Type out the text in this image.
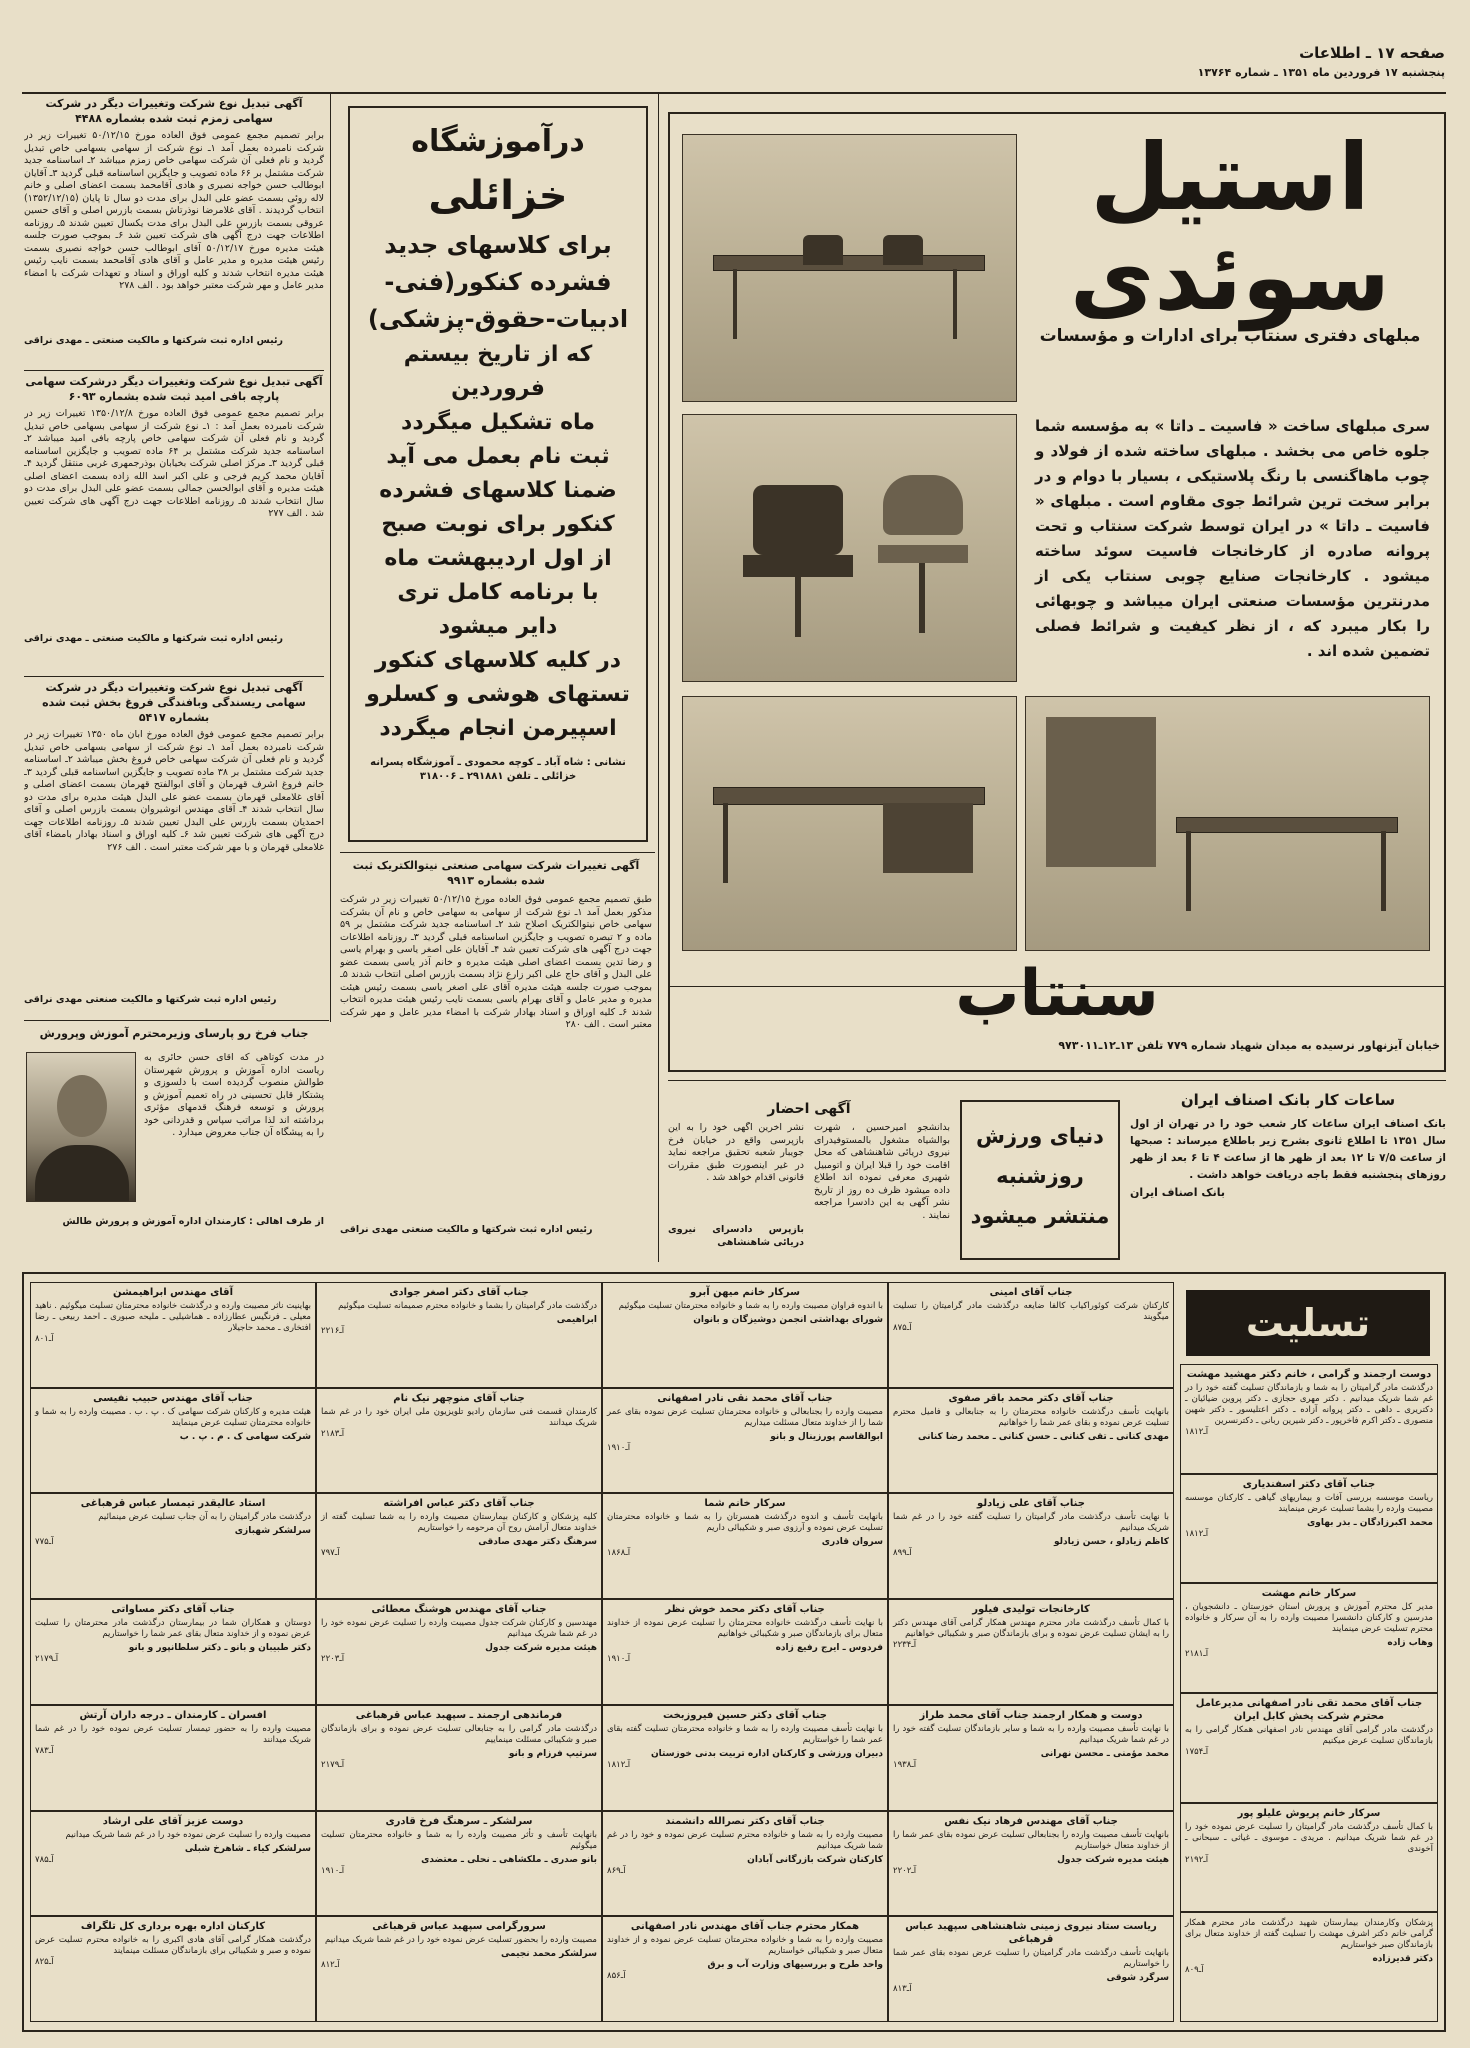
صفحه ۱۷ ـ اطلاعات
پنجشنبه ۱۷ فروردین ماه ۱۳۵۱ ـ شماره ۱۳۷۶۴
آگهی تبدیل نوع شرکت وتغییرات دیگر در شرکت سهامی زمزم ثبت شده بشماره ۴۴۸۸
برابر تصمیم مجمع عمومی فوق العاده مورخ ۵۰/۱۲/۱۵ تغییرات زیر در شرکت نامبرده بعمل آمد ۱ـ نوع شرکت از سهامی بسهامی خاص تبدیل گردید و نام فعلی آن شرکت سهامی خاص زمزم میباشد ۲ـ اساسنامه جدید شرکت مشتمل بر ۶۶ ماده تصویب و جایگزین اساسنامه قبلی گردید ۳ـ آقایان ابوطالب حسن خواجه نصیری و هادی آقامحمد بسمت اعضای اصلی و خانم لاله روئی بسمت عضو علی البدل برای مدت دو سال تا پایان (۱۳۵۲/۱۲/۱۵) انتخاب گردیدند . آقای غلامرضا نوذرتاش بسمت بازرس اصلی و آقای حسین عروقی بسمت بازرس علی البدل برای مدت یکسال تعیین شدند ۵ـ روزنامه اطلاعات جهت درج آگهی های شرکت تعیین شد ۶ـ بموجب صورت جلسه هیئت مدیره مورخ ۵۰/۱۲/۱۷ آقای ابوطالب حسن خواجه نصیری بسمت رئیس هیئت مدیره و مدیر عامل و آقای هادی آقامحمد بسمت نایب رئیس هیئت مدیره انتخاب شدند و کلیه اوراق و اسناد و تعهدات شرکت با امضاء مدیر عامل و مهر شرکت معتبر خواهد بود . الف ۲۷۸
رئیس اداره ثبت شرکتها و مالکیت صنعتی ـ مهدی نراقی
آگهی تبدیل نوع شرکت وتغییرات دیگر درشرکت سهامی پارچه بافی امید ثبت شده بشماره ۶۰۹۳
برابر تصمیم مجمع عمومی فوق العاده مورخ ۱۳۵۰/۱۲/۸ تغییرات زیر در شرکت نامبرده بعمل آمد : ۱ـ نوع شرکت از سهامی بسهامی خاص تبدیل گردید و نام فعلی آن شرکت سهامی خاص پارچه بافی امید میباشد ۲ـ اساسنامه جدید شرکت مشتمل بر ۶۴ ماده تصویب و جایگزین اساسنامه قبلی گردید ۳ـ مرکز اصلی شرکت بخیابان بوذرجمهری غربی منتقل گردید ۴ـ آقایان محمد کریم فرجی و علی اکبر اسد الله زاده بسمت اعضای اصلی هیئت مدیره و آقای ابوالحسن جمالی بسمت عضو علی البدل برای مدت دو سال انتخاب شدند ۵ـ روزنامه اطلاعات جهت درج آگهی های شرکت تعیین شد . الف ۲۷۷
رئیس اداره ثبت شرکتها و مالکیت صنعتی ـ مهدی نراقی
آگهی تبدیل نوع شرکت وتغییرات دیگر در شرکت سهامی ریسندگی وبافندگی فروغ بخش ثبت شده بشماره ۵۴۱۷
برابر تصمیم مجمع عمومی فوق العاده مورخ آبان ماه ۱۳۵۰ تغییرات زیر در شرکت نامبرده بعمل آمد ۱ـ نوع شرکت از سهامی بسهامی خاص تبدیل گردید و نام فعلی آن شرکت سهامی خاص فروغ بخش میباشد ۲ـ اساسنامه جدید شرکت مشتمل بر ۳۸ ماده تصویب و جایگزین اساسنامه قبلی گردید ۳ـ خانم فروغ اشرف قهرمان و آقای ابوالفتح قهرمان بسمت اعضای اصلی و آقای غلامعلی قهرمان بسمت عضو علی البدل هیئت مدیره برای مدت دو سال انتخاب شدند ۴ـ آقای مهندس انوشیروان بسمت بازرس اصلی و آقای احمدیان بسمت بازرس علی البدل تعیین شدند ۵ـ روزنامه اطلاعات جهت درج آگهی های شرکت تعیین شد ۶ـ کلیه اوراق و اسناد بهادار بامضاء آقای غلامعلی قهرمان و با مهر شرکت معتبر است . الف ۲۷۶
رئیس اداره ثبت شرکتها و مالکیت صنعتی مهدی نراقی
جناب فرخ رو پارسای وزیرمحترم آموزش وپرورش
در مدت کوتاهی که آقای حسن حائری به ریاست اداره آموزش و پرورش شهرستان طوالش منصوب گردیده است با دلسوزی و پشتکار قابل تحسینی در راه تعمیم آموزش و پرورش و توسعه فرهنگ قدمهای مؤثری برداشته اند لذا مراتب سپاس و قدردانی خود را به پیشگاه آن جناب معروض میدارد .
از طرف اهالی : کارمندان اداره آموزش و پرورش طالش
درآموزشگاه
خزائلی
برای کلاسهای جدید
فشرده کنکور(فنی-
ادبیات-حقوق-پزشکی)
که از تاریخ بیستم فروردین
ماه تشکیل میگردد
ثبت نام بعمل می آید
ضمنا کلاسهای فشرده
کنکور برای نوبت صبح
از اول اردیبهشت ماه
با برنامه کامل تری
دایر میشود
در کلیه کلاسهای کنکور
تستهای هوشی و کسلرو
اسپیرمن انجام میگردد
نشانی : شاه آباد ـ کوچه محمودی ـ آموزشگاه پسرانه خزائلی ـ تلفن ۲۹۱۸۸۱ ـ ۳۱۸۰۰۶
آگهی تغییرات شرکت سهامی صنعتی نیتوالکتریک ثبت شده بشماره ۹۹۱۳
طبق تصمیم مجمع عمومی فوق العاده مورخ ۵۰/۱۲/۱۵ تغییرات زیر در شرکت مذکور بعمل آمد ۱ـ نوع شرکت از سهامی به سهامی خاص و نام آن بشرکت سهامی خاص نیتوالکتریک اصلاح شد ۲ـ اساسنامه جدید شرکت مشتمل بر ۵۹ ماده و ۲ تبصره تصویب و جایگزین اساسنامه قبلی گردید ۳ـ روزنامه اطلاعات جهت درج آگهی های شرکت تعیین شد ۴ـ آقایان علی اصغر یاسی و بهرام یاسی و رضا تدین بسمت اعضای اصلی هیئت مدیره و خانم آذر یاسی بسمت عضو علی البدل و آقای حاج علی اکبر زارع نژاد بسمت بازرس اصلی انتخاب شدند ۵ـ بموجب صورت جلسه هیئت مدیره آقای علی اصغر یاسی بسمت رئیس هیئت مدیره و مدیر عامل و آقای بهرام یاسی بسمت نایب رئیس هیئت مدیره انتخاب شدند ۶ـ کلیه اوراق و اسناد بهادار شرکت با امضاء مدیر عامل و مهر شرکت معتبر است . الف ۲۸۰
رئیس اداره ثبت شرکتها و مالکیت صنعتی مهدی نراقی
استیل
سوئدی
مبلهای دفتری سنتاب برای ادارات و مؤسسات
سری مبلهای ساخت « فاسیت ـ داتا » به مؤسسه شما جلوه خاص می بخشد . مبلهای ساخته شده از فولاد و چوب ماهاگنسی با رنگ پلاستیکی ، بسیار با دوام و در برابر سخت ترین شرائط جوی مقاوم است . مبلهای « فاسیت ـ داتا » در ایران توسط شرکت سنتاب و تحت پروانه صادره از کارخانجات فاسیت سوئد ساخته میشود . کارخانجات صنایع چوبی سنتاب یکی از مدرنترین مؤسسات صنعتی ایران میباشد و چوبهائی را بکار میبرد که ، از نظر کیفیت و شرائط فصلی تضمین شده اند .
سنتاب
خیابان آیزنهاور نرسیده به میدان شهیاد شماره ۷۷۹ تلفن ۱۳ـ۱۲ـ۹۷۳۰۱۱
ساعات کار بانک اصناف ایران
بانک اصناف ایران ساعات کار شعب خود را در تهران از اول سال ۱۳۵۱ تا اطلاع ثانوی بشرح زیر باطلاع میرساند : صبحها از ساعت ۷/۵ تا ۱۲ بعد از ظهر ها از ساعت ۴ تا ۶ بعد از ظهر روزهای پنجشنبه فقط باجه دریافت خواهد داشت .
بانک اصناف ایران
دنیای ورزش
روزشنبه
منتشر میشود
آگهی احضار
بدانشجو امیرحسین ، شهرت بوالشیاه مشغول بالمستوفیدرای نیروی دریائی شاهنشاهی که محل اقامت خود را قبلا ایران و اتومبیل شهیری معرفی نموده اند اطلاع داده میشود ظرف ده روز از تاریخ نشر آگهی به این دادسرا مراجعه نمایند .
نشر آخرین آگهی خود را به این بازپرسی واقع در خیابان فرخ جویبار شعبه تحقیق مراجعه نماید در غیر اینصورت طبق مقررات قانونی اقدام خواهد شد .
بازپرس دادسرای نیروی دریائی شاهنشاهی
تسلیت
دوست ارجمند و گرامی ، خانم دکتر مهشید مهشت
درگذشت مادر گرامیتان را به شما و بازماندگان تسلیت گفته خود را در غم شما شریک میدانیم . دکتر مهری حجازی ـ دکتر پروین ضیائیان ـ دکتریری ـ داهی ـ دکتر پروانه آزاده ـ دکتر اعتلیسور ـ دکتر شهین منصوری ـ دکتر اکرم فاخرپور ـ دکتر شیرین ربانی ـ دکترنسرین
آـ۱۸۱۲
جناب آقای دکتر اسفندیاری
ریاست موسسه بررسی آفات و بیماریهای گیاهی ـ کارکنان موسسه مصیبت وارده را بشما تسلیت عرض مینمایند
محمد اکبرزادگان ـ بذر بهاوی
آـ۱۸۱۲
سرکار خانم مهشت
مدیر کل محترم آموزش و پرورش استان خوزستان ـ دانشجویان ، مدرسین و کارکنان دانشسرا مصیبت وارده را به آن سرکار و خانواده محترم تسلیت عرض مینمایند
وهاب زاده
آـ۲۱۸۱
جناب آقای محمد تقی نادر اصفهانی مدیرعامل محترم شرکت پخش کابل ایران
درگذشت مادر گرامی آقای مهندس نادر اصفهانی همکار گرامی را به بازماندگان تسلیت عرض میکنیم
آـ۱۷۵۴
سرکار خانم پریوش علیلو پور
با کمال تأسف درگذشت مادر گرامیتان را تسلیت عرض نموده خود را در غم شما شریک میدانیم . مریدی ـ موسوی ـ غیاثی ـ سبحانی ـ آخوندی
آـ۲۱۹۲
پزشکان وکارمندان بیمارستان شهید درگذشت مادر محترم همکار گرامی خانم دکتر اشرف مهشت را تسلیت گفته از خداوند متعال برای بازماندگان صبر خواستاریم
دکتر قدیرزاده
آـ۸۰۹
جناب آقای امینی
کارکنان شرکت کوئوراکیاب کالفا ضایعه درگذشت مادر گرامیتان را تسلیت میگویند
آـ۸۷۵
سرکار خانم میهن آبرو
با اندوه فراوان مصیبت وارده را به شما و خانواده محترمتان تسلیت میگوئیم
شورای بهداشتی انجمن دوشیزگان و بانوان
جناب آقای دکتر اصغر جوادی
درگذشت مادر گرامیتان را بشما و خانواده محترم صمیمانه تسلیت میگوئیم
ابراهیمی
آـ۲۲۱۶
آقای مهندس ابراهیمشن
بهاینیت ناثر مصیبت وارده و درگذشت خانواده محترمتان تسلیت میگوئیم . ناهید معیلی ـ فرنگیس عطارزاده ـ هماشیلیی ـ ملیحه صبوری ـ احمد ربیعی ـ رضا افتخاری ـ محمد حاجیلار
آـ۸۰۱
جناب آقای دکتر محمد باقر صفوی
بانهایت تأسف درگذشت خانواده محترمتان را به جنابعالی و فامیل محترم تسلیت عرض نموده و بقای عمر شما را خواهانیم
مهدی کنانی ـ تقی کنانی ـ حسن کنانی ـ محمد رضا کنانی
جناب آقای محمد نقی نادر اصفهانی
مصیبت وارده را بجنابعالی و خانواده محترمتان تسلیت عرض نموده بقای عمر شما را از خداوند متعال مسئلت میداریم
ابوالقاسم پورزینال و بانو
آـ۱۹۱۰
جناب آقای منوچهر نیک نام
کارمندان قسمت فنی سازمان رادیو تلویزیون ملی ایران خود را در غم شما شریک میدانند
آـ۲۱۸۳
جناب آقای مهندس حبیب نفیسی
هیئت مدیره و کارکنان شرکت سهامی ک . پ . ب . مصیبت وارده را به شما و خانواده محترمتان تسلیت عرض مینمایند
شرکت سهامی ک . م . پ . ب
جناب آقای علی زیادلو
با نهایت تأسف درگذشت مادر گرامیتان را تسلیت گفته خود را در غم شما شریک میدانیم
کاظم زیادلو ، حسن زیادلو
آـ۸۹۹
سرکار خانم شما
بانهایت تأسف و اندوه درگذشت همسرتان را به شما و خانواده محترمتان تسلیت عرض نموده و آرزوی صبر و شکیبائی داریم
سروان قادری
آـ۱۸۶۸
جناب آقای دکتر عباس افراشته
کلیه پزشکان و کارکنان بیمارستان مصیبت وارده را به شما تسلیت گفته از خداوند متعال آرامش روح آن مرحومه را خواستاریم
سرهنگ دکتر مهدی صادقی
آـ۷۹۷
استاد عالیقدر تیمسار عباس قرهباغی
درگذشت مادر گرامیتان را به آن جناب تسلیت عرض مینمائیم
سرلشکر شهبازی
آـ۷۷۵
کارخانجات تولیدی فیلور
با کمال تأسف درگذشت مادر محترم مهندس همکار گرامی آقای مهندس دکتر را به ایشان تسلیت عرض نموده و برای بازماندگان صبر و شکیبائی خواهانیم
آـ۲۲۳۴
جناب آقای دکتر محمد خوش نظر
با نهایت تأسف درگذشت خانواده محترمتان را تسلیت عرض نموده از خداوند متعال برای بازماندگان صبر و شکیبائی خواهانیم
فردوس ـ ایرج رفیع زاده
آـ۱۹۱۰
جناب آقای مهندس هوشنگ معطائی
مهندسین و کارکنان شرکت جدول مصیبت وارده را تسلیت عرض نموده خود را در غم شما شریک میدانیم
هیئت مدیره شرکت جدول
آـ۲۲۰۳
جناب آقای دکتر مساواتی
دوستان و همکاران شما در بیمارستان درگذشت مادر محترمتان را تسلیت عرض نموده و از خداوند متعال بقای عمر شما را خواستاریم
دکتر طبیبان و بانو ـ دکتر سلطانپور و بانو
آـ۲۱۷۹
دوست و همکار ارجمند جناب آقای محمد طراز
با نهایت تأسف مصیبت وارده را به شما و سایر بازماندگان تسلیت گفته خود را در غم شما شریک میدانیم
محمد مؤمنی ـ محسن نهرانی
آـ۱۹۳۸
جناب آقای دکتر حسین فیروزبخت
با نهایت تأسف مصیبت وارده را به شما و خانواده محترمتان تسلیت گفته بقای عمر شما را خواستاریم
دبیران ورزشی و کارکنان اداره تربیت بدنی خوزستان
آـ۱۸۱۲
فرماندهی ارجمند ـ سپهبد عباس قرهباغی
درگذشت مادر گرامی را به جنابعالی تسلیت عرض نموده و برای بازماندگان صبر و شکیبائی مسئلت مینماییم
سرتیپ فرزام و بانو
آـ۲۱۷۹
افسران ـ کارمندان ـ درجه داران آرتش
مصیبت وارده را به حضور تیمسار تسلیت عرض نموده خود را در غم شما شریک میدانند
آـ۷۸۳
جناب آقای مهندس فرهاد نیک نفس
بانهایت تأسف مصیبت وارده را بجنابعالی تسلیت عرض نموده بقای عمر شما را از خداوند متعال خواستاریم
هیئت مدیره شرکت جدول
آـ۲۲۰۲
جناب آقای دکتر نصرالله دانشمند
مصیبت وارده را به شما و خانواده محترم تسلیت عرض نموده و خود را در غم شما شریک میدانیم
کارکنان شرکت بازرگانی آبادان
آـ۸۶۹
سرلشکر ـ سرهنگ فرخ قادری
بانهایت تأسف و تأثر مصیبت وارده را به شما و خانواده محترمتان تسلیت میگوئیم
بانو صدری ـ ملکشاهی ـ نحلی ـ معتضدی
آـ۱۹۱۰
دوست عزیز آقای علی ارشاد
مصیبت وارده را تسلیت عرض نموده خود را در غم شما شریک میدانیم
سرلشکر کیاء ـ شاهرخ شبلی
آـ۷۸۵
ریاست ستاد نیروی زمینی شاهنشاهی سپهبد عباس قرهباغی
بانهایت تأسف درگذشت مادر گرامیتان را تسلیت عرض نموده بقای عمر شما را خواستاریم
سرگرد شوقی
آـ۸۱۳
همکار محترم جناب آقای مهندس نادر اصفهانی
مصیبت وارده را به شما و خانواده محترمتان تسلیت عرض نموده و از خداوند متعال صبر و شکیبائی خواستاریم
واحد طرح و بررسیهای وزارت آب و برق
آـ۸۵۶
سرورگرامی سپهبد عباس قرهباغی
مصیبت وارده را بحضور تسلیت عرض نموده خود را در غم شما شریک میدانیم
سرلشکر محمد نجیمی
آـ۸۱۲
کارکنان اداره بهره برداری کل تلگراف
درگذشت همکار گرامی آقای هادی اکبری را به خانواده محترم تسلیت عرض نموده و صبر و شکیبائی برای بازماندگان مسئلت مینمایند
آـ۸۲۵
